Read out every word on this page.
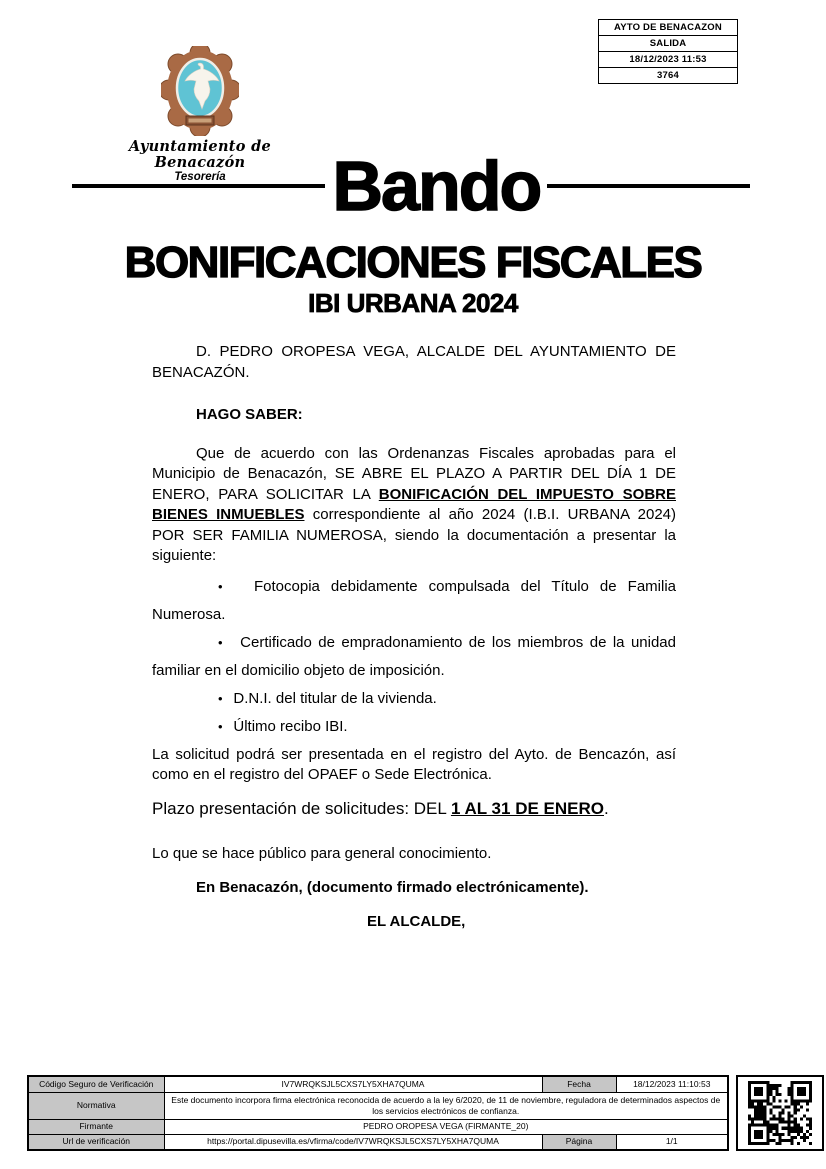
AYTO DE BENACAZON
SALIDA
18/12/2023 11:53
3764
Ayuntamiento de Benacazón
Tesorería	Bando
BONIFICACIONES FISCALES
IBI URBANA 2024

D. PEDRO OROPESA VEGA, ALCALDE DEL AYUNTAMIENTO DE BENACAZÓN.

HAGO SABER:

Que de acuerdo con las Ordenanzas Fiscales aprobadas para el Municipio de Benacazón, SE ABRE EL PLAZO A PARTIR DEL DÍA 1 DE ENERO, PARA SOLICITAR LA BONIFICACIÓN DEL IMPUESTO SOBRE BIENES INMUEBLES correspondiente al año 2024 (I.B.I. URBANA 2024) POR SER FAMILIA NUMEROSA, siendo la documentación a presentar la siguiente:

•   Fotocopia debidamente compulsada del Título de Familia Numerosa.

•   Certificado de empradonamiento de los miembros de la unidad familiar en el domicilio objeto de imposición.

•   D.N.I. del titular de la vivienda.

•   Último recibo IBI.

La solicitud podrá ser presentada en el registro del Ayto. de Bencazón, así como en el registro del OPAEF o Sede Electrónica.

Plazo presentación de solicitudes: DEL 1 AL 31 DE ENERO.

Lo que se hace público para general conocimiento.

En Benacazón, (documento firmado electrónicamente).

EL ALCALDE,

Código Seguro de Verificación	IV7WRQKSJL5CXS7LY5XHA7QUMA	Fecha	18/12/2023 11:10:53
Normativa	Este documento incorpora firma electrónica reconocida de acuerdo a la ley 6/2020, de 11 de noviembre, reguladora de determinados aspectos de los servicios electrónicos de confianza.		
Firmante	PEDRO OROPESA VEGA (FIRMANTE_20)		
Url de verificación	https://portal.dipusevilla.es/vfirma/code/IV7WRQKSJL5CXS7LY5XHA7QUMA	Página	1/1
